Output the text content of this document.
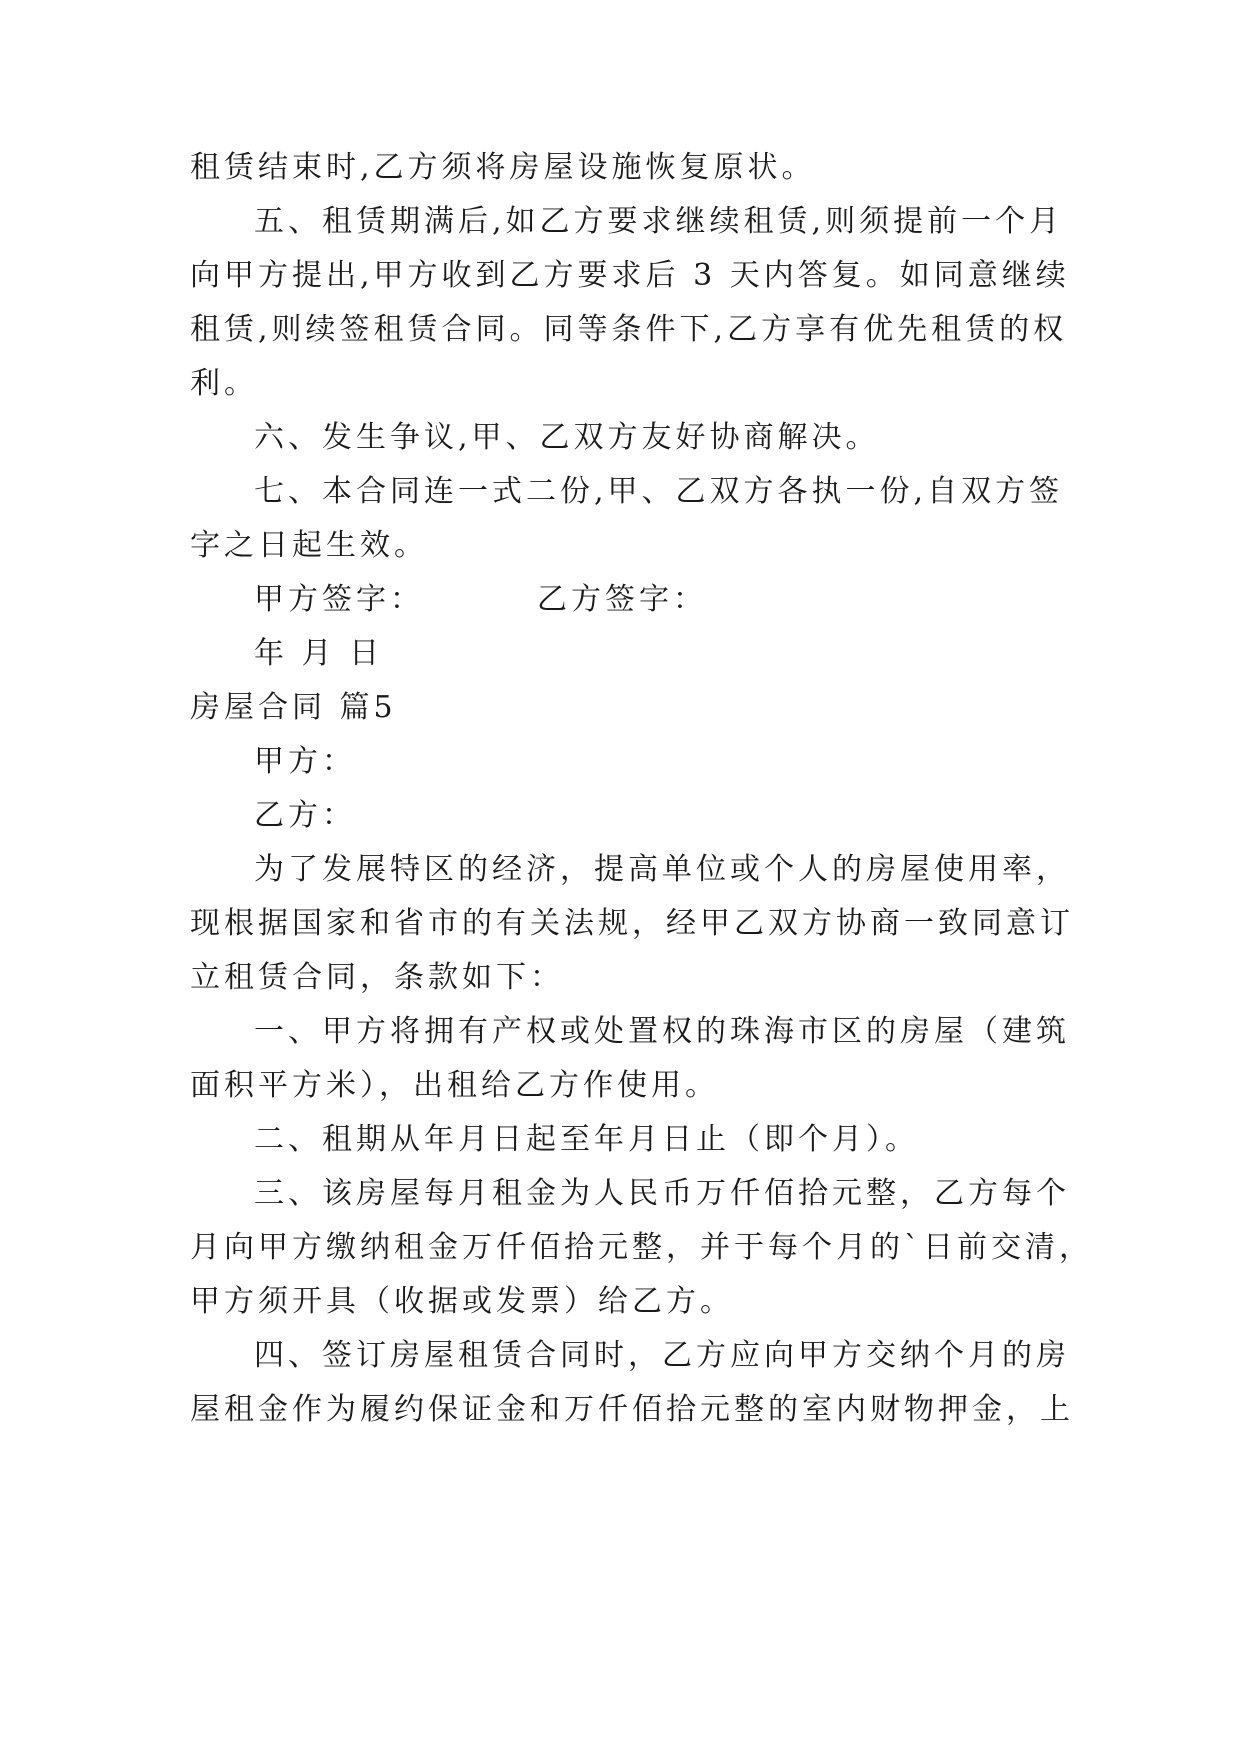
租赁结束时,乙方须将房屋设施恢复原状。
五、租赁期满后,如乙方要求继续租赁,则须提前一个月
向甲方提出,甲方收到乙方要求后 3 天内答复。如同意继续
租赁,则续签租赁合同。同等条件下,乙方享有优先租赁的权
利。
六、发生争议,甲、乙双方友好协商解决。
七、本合同连一式二份,甲、乙双方各执一份,自双方签
字之日起生效。
甲方签字：	乙方签字：
年 月 日
房屋合同 篇5
甲方：
乙方：
为了发展特区的经济，提高单位或个人的房屋使用率，
现根据国家和省市的有关法规，经甲乙双方协商一致同意订
立租赁合同，条款如下：
一、甲方将拥有产权或处置权的珠海市区的房屋（建筑
面积平方米），出租给乙方作使用。
二、租期从年月日起至年月日止（即个月）。
三、该房屋每月租金为人民币万仟佰拾元整，乙方每个
月向甲方缴纳租金万仟佰拾元整，并于每个月的`日前交清，
甲方须开具（收据或发票）给乙方。
四、签订房屋租赁合同时，乙方应向甲方交纳个月的房
屋租金作为履约保证金和万仟佰拾元整的室内财物押金，上
